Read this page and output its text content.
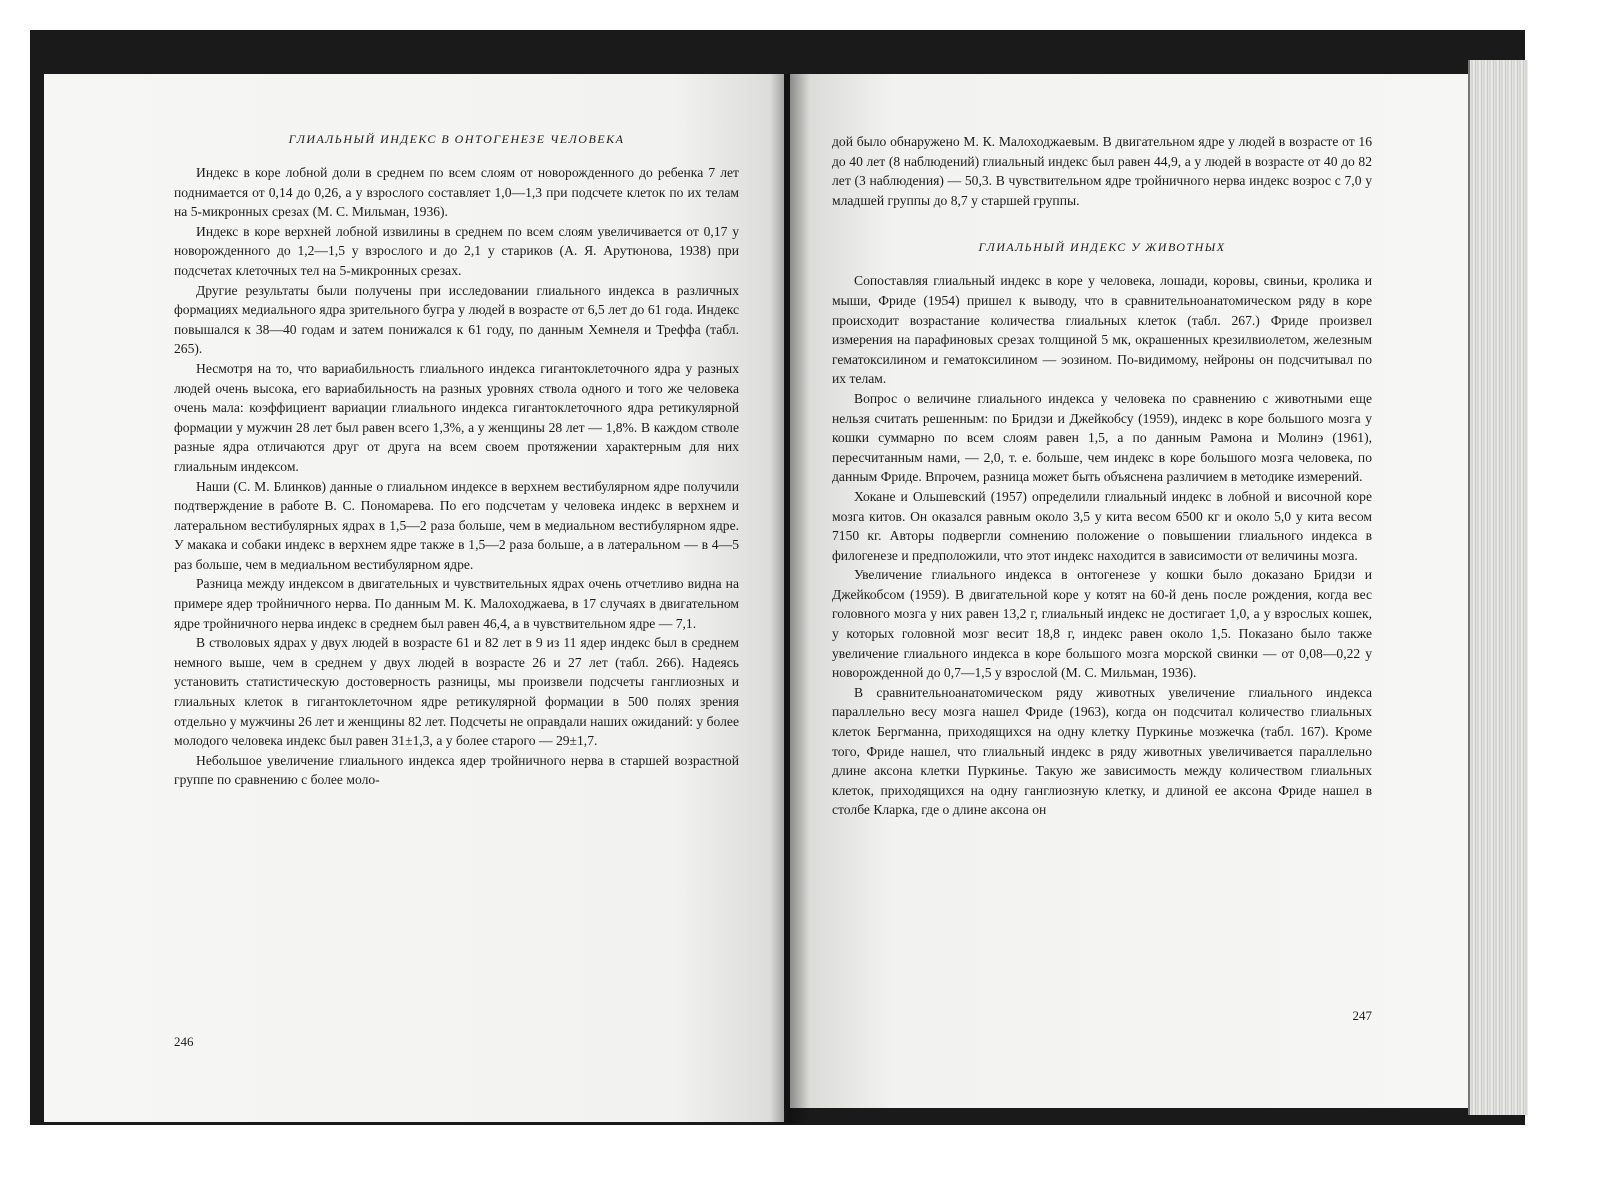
ГЛИАЛЬНЫЙ ИНДЕКС В ОНТОГЕНЕЗЕ ЧЕЛОВЕКА

Индекс в коре лобной доли в среднем по всем слоям от новорожденного до ребенка 7 лет поднимается от 0,14 до 0,26, а у взрослого составляет 1,0—1,3 при подсчете клеток по их телам на 5-микронных срезах (М. С. Мильман, 1936).

Индекс в коре верхней лобной извилины в среднем по всем слоям увеличивается от 0,17 у новорожденного до 1,2—1,5 у взрослого и до 2,1 у стариков (А. Я. Арутюнова, 1938) при подсчетах клеточных тел на 5-микронных срезах.

Другие результаты были получены при исследовании глиального индекса в различных формациях медиального ядра зрительного бугра у людей в возрасте от 6,5 лет до 61 года. Индекс повышался к 38—40 годам и затем понижался к 61 году, по данным Хемнеля и Треффа (табл. 265).

Несмотря на то, что вариабильность глиального индекса гигантоклеточного ядра у разных людей очень высока, его вариабильность на разных уровнях ствола одного и того же человека очень мала: коэффициент вариации глиального индекса гигантоклеточного ядра ретикулярной формации у мужчин 28 лет был равен всего 1,3%, а у женщины 28 лет — 1,8%. В каждом стволе разные ядра отличаются друг от друга на всем своем протяжении характерным для них глиальным индексом.

Наши (С. М. Блинков) данные о глиальном индексе в верхнем вестибулярном ядре получили подтверждение в работе В. С. Пономарева. По его подсчетам у человека индекс в верхнем и латеральном вестибулярных ядрах в 1,5—2 раза больше, чем в медиальном вестибулярном ядре. У макака и собаки индекс в верхнем ядре также в 1,5—2 раза больше, а в латеральном — в 4—5 раз больше, чем в медиальном вестибулярном ядре.

Разница между индексом в двигательных и чувствительных ядрах очень отчетливо видна на примере ядер тройничного нерва. По данным М. К. Малоходжаева, в 17 случаях в двигательном ядре тройничного нерва индекс в среднем был равен 46,4, а в чувствительном ядре — 7,1.

В стволовых ядрах у двух людей в возрасте 61 и 82 лет в 9 из 11 ядер индекс был в среднем немного выше, чем в среднем у двух людей в возрасте 26 и 27 лет (табл. 266). Надеясь установить статистическую достоверность разницы, мы произвели подсчеты ганглиозных и глиальных клеток в гигантоклеточном ядре ретикулярной формации в 500 полях зрения отдельно у мужчины 26 лет и женщины 82 лет. Подсчеты не оправдали наших ожиданий: у более молодого человека индекс был равен 31±1,3, а у более старого — 29±1,7.

Небольшое увеличение глиального индекса ядер тройничного нерва в старшей возрастной группе по сравнению с более моло-

246

дой было обнаружено М. К. Малоходжаевым. В двигательном ядре у людей в возрасте от 16 до 40 лет (8 наблюдений) глиальный индекс был равен 44,9, а у людей в возрасте от 40 до 82 лет (3 наблюдения) — 50,3. В чувствительном ядре тройничного нерва индекс возрос с 7,0 у младшей группы до 8,7 у старшей группы.

ГЛИАЛЬНЫЙ ИНДЕКС У ЖИВОТНЫХ

Сопоставляя глиальный индекс в коре у человека, лошади, коровы, свиньи, кролика и мыши, Фриде (1954) пришел к выводу, что в сравнительноанатомическом ряду в коре происходит возрастание количества глиальных клеток (табл. 267.) Фриде произвел измерения на парафиновых срезах толщиной 5 мк, окрашенных крезилвиолетом, железным гематоксилином и гематоксилином — эозином. По-видимому, нейроны он подсчитывал по их телам.

Вопрос о величине глиального индекса у человека по сравнению с животными еще нельзя считать решенным: по Бридзи и Джейкобсу (1959), индекс в коре большого мозга у кошки суммарно по всем слоям равен 1,5, а по данным Рамона и Молинэ (1961), пересчитанным нами, — 2,0, т. е. больше, чем индекс в коре большого мозга человека, по данным Фриде. Впрочем, разница может быть объяснена различием в методике измерений.

Хокане и Ольшевский (1957) определили глиальный индекс в лобной и височной коре мозга китов. Он оказался равным около 3,5 у кита весом 6500 кг и около 5,0 у кита весом 7150 кг. Авторы подвергли сомнению положение о повышении глиального индекса в филогенезе и предположили, что этот индекс находится в зависимости от величины мозга.

Увеличение глиального индекса в онтогенезе у кошки было доказано Бридзи и Джейкобсом (1959). В двигательной коре у котят на 60-й день после рождения, когда вес головного мозга у них равен 13,2 г, глиальный индекс не достигает 1,0, а у взрослых кошек, у которых головной мозг весит 18,8 г, индекс равен около 1,5. Показано было также увеличение глиального индекса в коре большого мозга морской свинки — от 0,08—0,22 у новорожденной до 0,7—1,5 у взрослой (М. С. Мильман, 1936).

В сравнительноанатомическом ряду животных увеличение глиального индекса параллельно весу мозга нашел Фриде (1963), когда он подсчитал количество глиальных клеток Бергманна, приходящихся на одну клетку Пуркинье мозжечка (табл. 167). Кроме того, Фриде нашел, что глиальный индекс в ряду животных увеличивается параллельно длине аксона клетки Пуркинье. Такую же зависимость между количеством глиальных клеток, приходящихся на одну ганглиозную клетку, и длиной ее аксона Фриде нашел в столбе Кларка, где о длине аксона он

247
